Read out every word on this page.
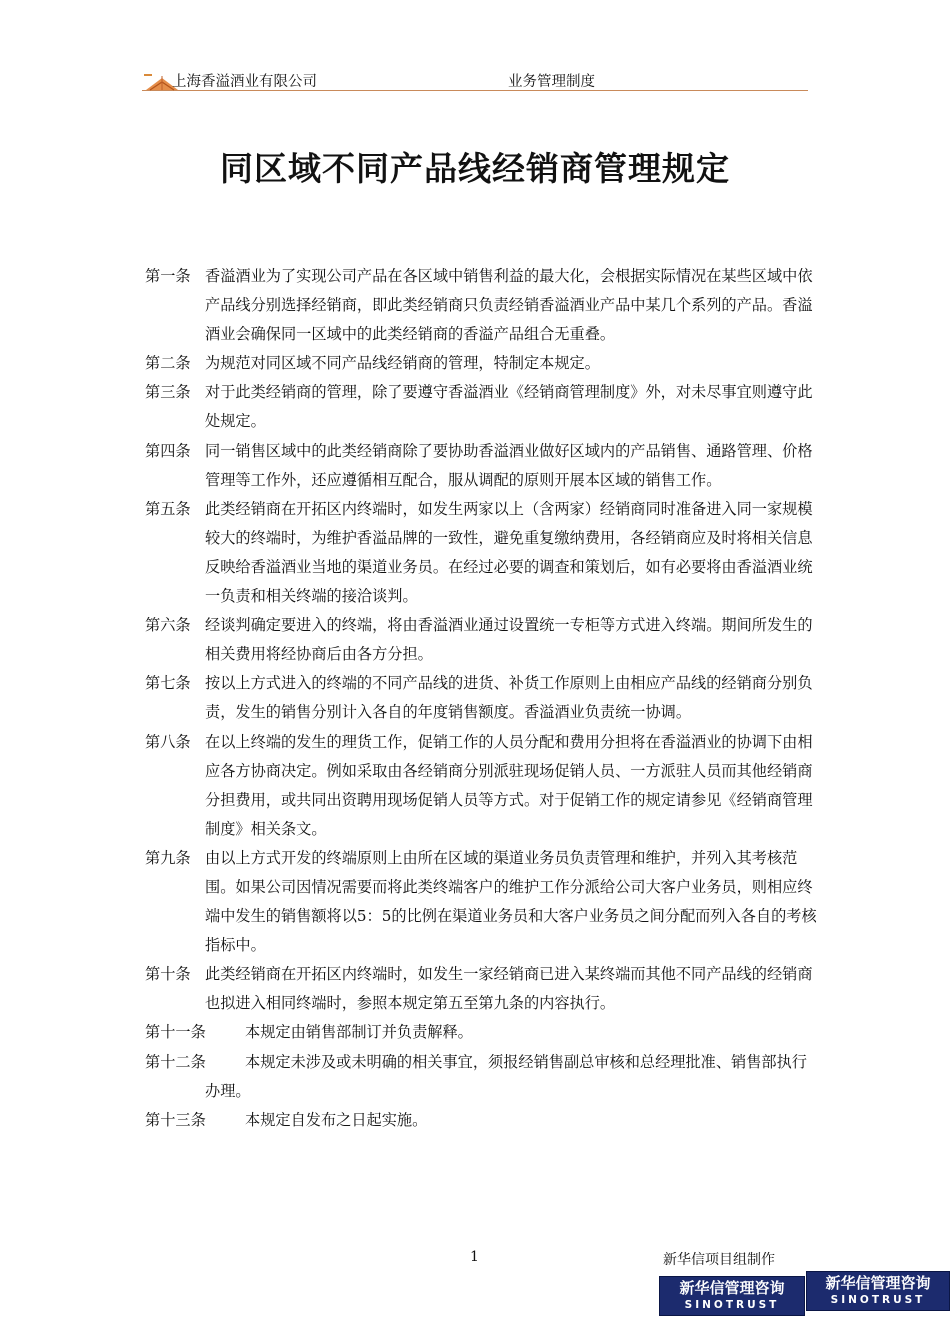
上海香溢酒业有限公司	业务管理制度
同区域不同产品线经销商管理规定
第一条 香溢酒业为了实现公司产品在各区域中销售利益的最大化，会根据实际情况在某些区域中依产品线分别选择经销商，即此类经销商只负责经销香溢酒业产品中某几个系列的产品。香溢酒业会确保同一区域中的此类经销商的香溢产品组合无重叠。
第二条 为规范对同区域不同产品线经销商的管理，特制定本规定。
第三条 对于此类经销商的管理，除了要遵守香溢酒业《经销商管理制度》外，对未尽事宜则遵守此处规定。
第四条 同一销售区域中的此类经销商除了要协助香溢酒业做好区域内的产品销售、通路管理、价格管理等工作外，还应遵循相互配合，服从调配的原则开展本区域的销售工作。
第五条 此类经销商在开拓区内终端时，如发生两家以上（含两家）经销商同时准备进入同一家规模较大的终端时，为维护香溢品牌的一致性，避免重复缴纳费用，各经销商应及时将相关信息反映给香溢酒业当地的渠道业务员。在经过必要的调查和策划后，如有必要将由香溢酒业统一负责和相关终端的接洽谈判。
第六条 经谈判确定要进入的终端，将由香溢酒业通过设置统一专柜等方式进入终端。期间所发生的相关费用将经协商后由各方分担。
第七条 按以上方式进入的终端的不同产品线的进货、补货工作原则上由相应产品线的经销商分别负责，发生的销售分别计入各自的年度销售额度。香溢酒业负责统一协调。
第八条 在以上终端的发生的理货工作，促销工作的人员分配和费用分担将在香溢酒业的协调下由相应各方协商决定。例如采取由各经销商分别派驻现场促销人员、一方派驻人员而其他经销商分担费用，或共同出资聘用现场促销人员等方式。对于促销工作的规定请参见《经销商管理制度》相关条文。
第九条 由以上方式开发的终端原则上由所在区域的渠道业务员负责管理和维护，并列入其考核范围。如果公司因情况需要而将此类终端客户的维护工作分派给公司大客户业务员，则相应终端中发生的销售额将以5：5的比例在渠道业务员和大客户业务员之间分配而列入各自的考核指标中。
第十条 此类经销商在开拓区内终端时，如发生一家经销商已进入某终端而其他不同产品线的经销商也拟进入相同终端时，参照本规定第五至第九条的内容执行。
第十一条	本规定由销售部制订并负责解释。
第十二条	本规定未涉及或未明确的相关事宜，须报经销售副总审核和总经理批准、销售部执行办理。
第十三条	本规定自发布之日起实施。
1	新华信项目组制作
新华信管理咨询
SINOTRUST
新华信管理咨询
SINOTRUST
